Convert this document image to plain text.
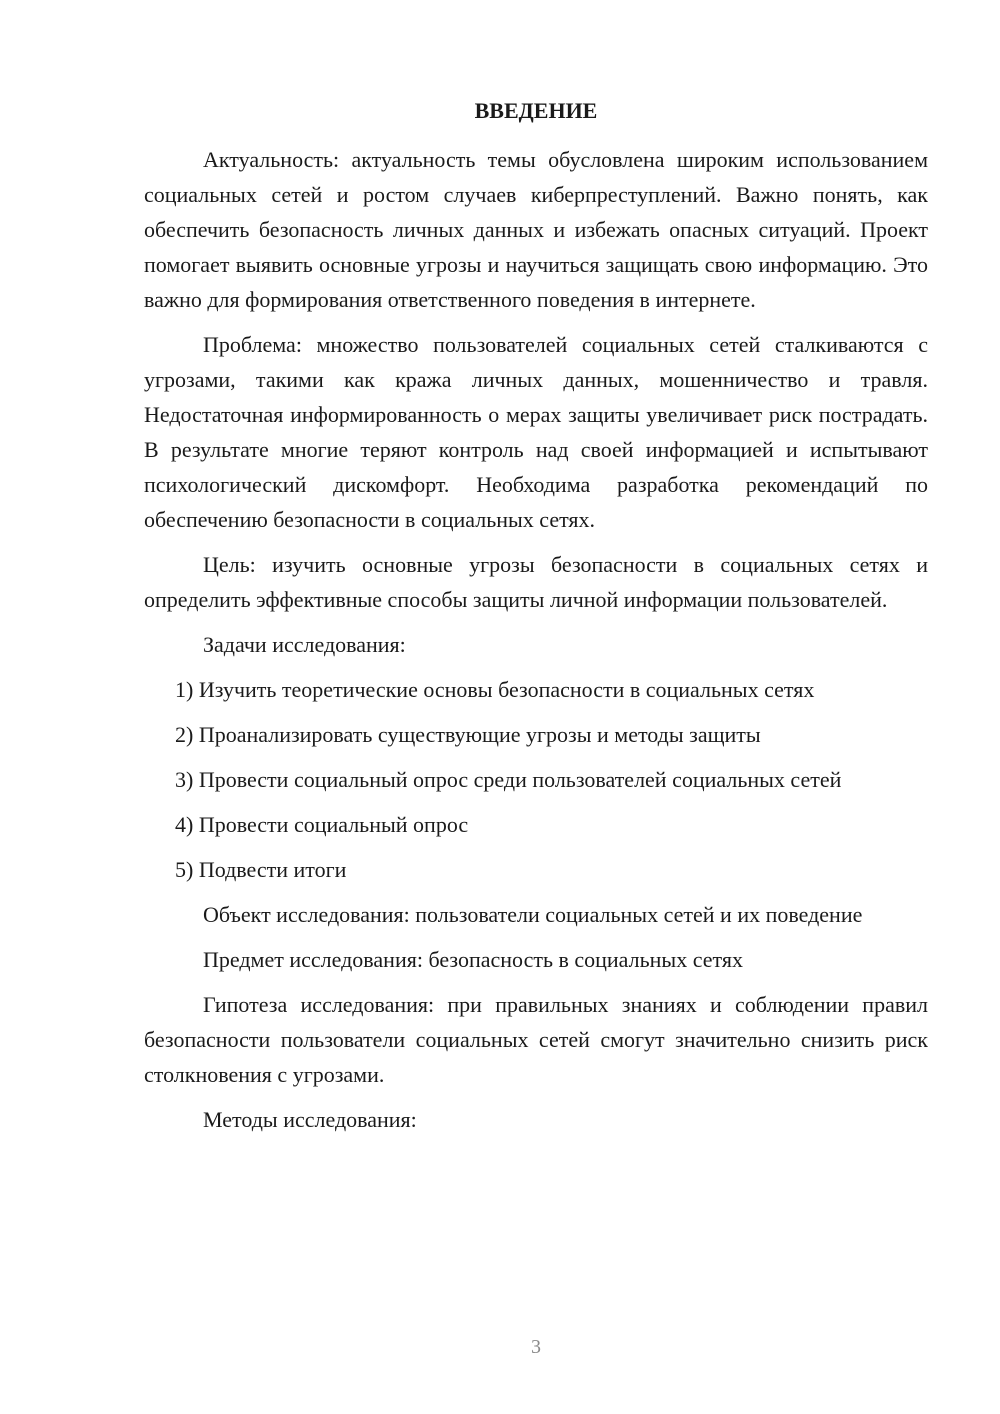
ВВЕДЕНИЕ

Актуальность: актуальность темы обусловлена широким использованием социальных сетей и ростом случаев киберпреступлений. Важно понять, как обеспечить безопасность личных данных и избежать опасных ситуаций. Проект помогает выявить основные угрозы и научиться защищать свою информацию. Это важно для формирования ответственного поведения в интернете.

Проблема: множество пользователей социальных сетей сталкиваются с угрозами, такими как кража личных данных, мошенничество и травля. Недостаточная информированность о мерах защиты увеличивает риск пострадать. В результате многие теряют контроль над своей информацией и испытывают психологический дискомфорт. Необходима разработка рекомендаций по обеспечению безопасности в социальных сетях.

Цель: изучить основные угрозы безопасности в социальных сетях и определить эффективные способы защиты личной информации пользователей.

Задачи исследования:

1) Изучить теоретические основы безопасности в социальных сетях
2) Проанализировать существующие угрозы и методы защиты
3) Провести социальный опрос среди пользователей социальных сетей
4) Провести социальный опрос
5) Подвести итоги

Объект исследования: пользователи социальных сетей и их поведение

Предмет исследования: безопасность в социальных сетях

Гипотеза исследования: при правильных знаниях и соблюдении правил безопасности пользователи социальных сетей смогут значительно снизить риск столкновения с угрозами.

Методы исследования:

3
